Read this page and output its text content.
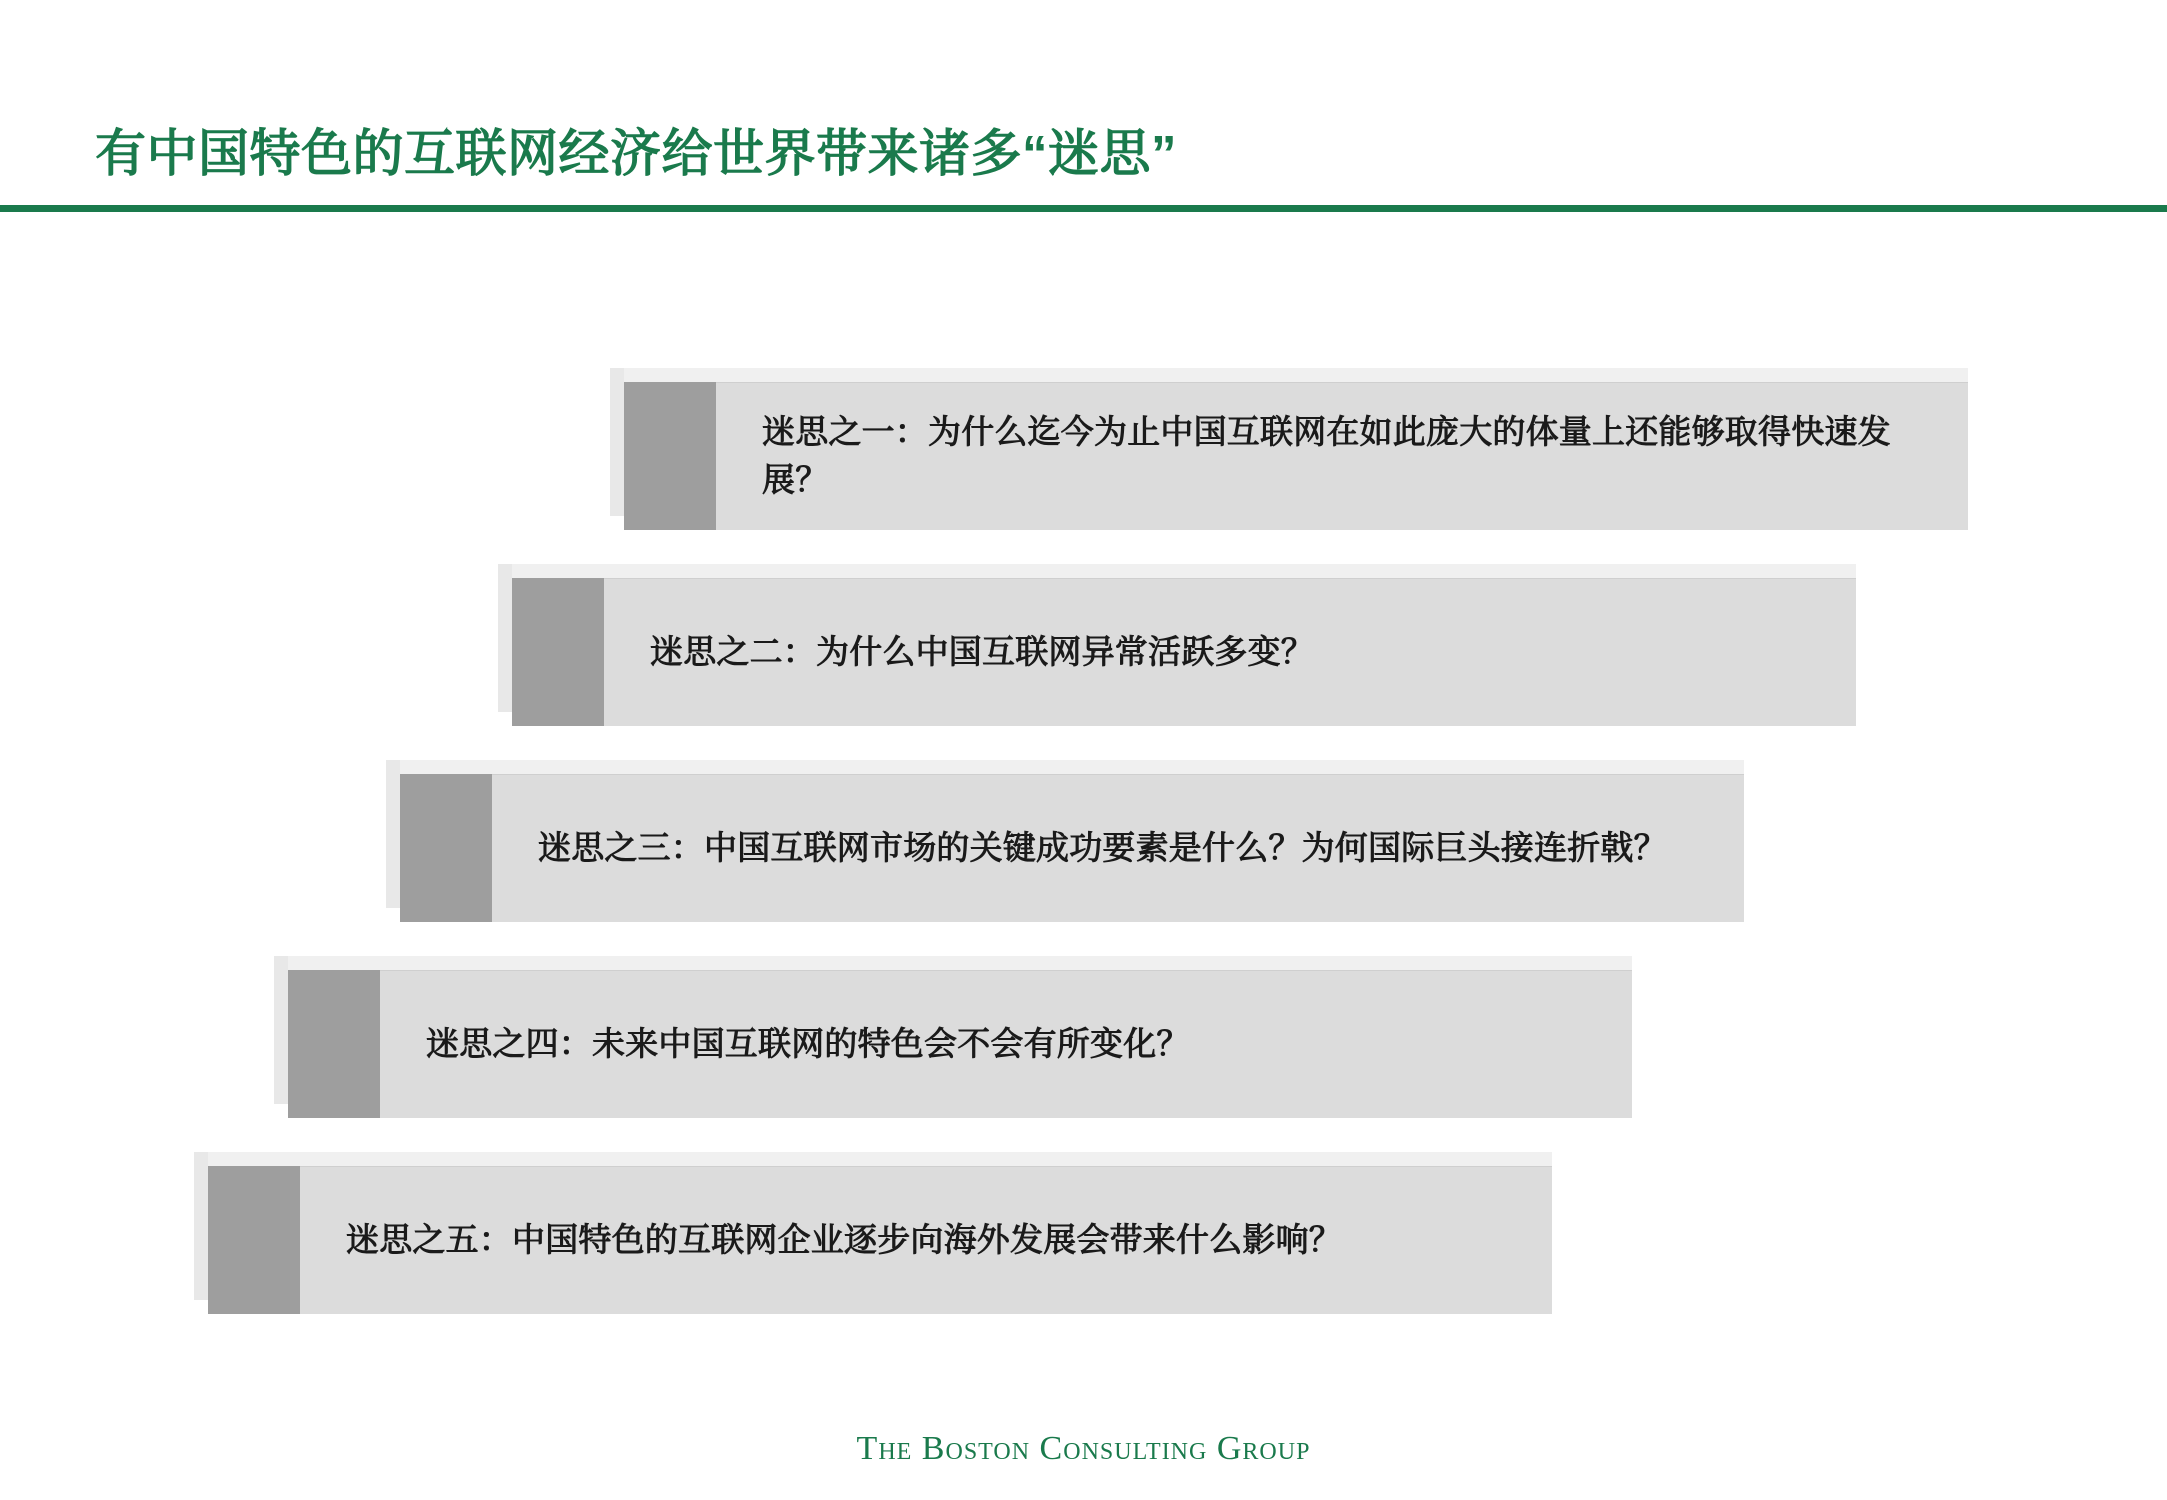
有中国特色的互联网经济给世界带来诸多“迷思”
迷思之一：为什么迄今为止中国互联网在如此庞大的体量上还能够取得快速发展？
迷思之二：为什么中国互联网异常活跃多变？
迷思之三：中国互联网市场的关键成功要素是什么？为何国际巨头接连折戟？
迷思之四：未来中国互联网的特色会不会有所变化？
迷思之五：中国特色的互联网企业逐步向海外发展会带来什么影响？
The Boston Consulting Group
